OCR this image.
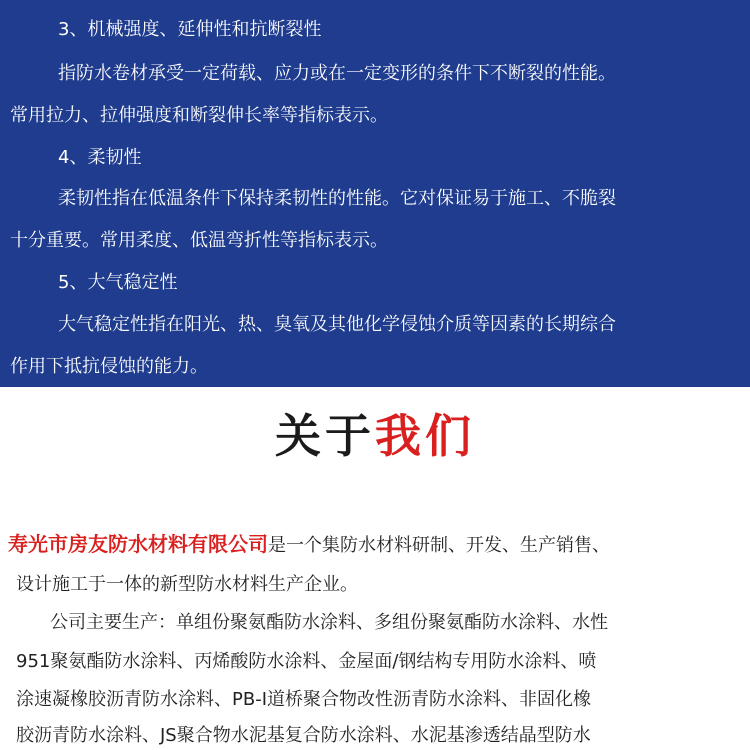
3、机械强度、延伸性和抗断裂性
指防水卷材承受一定荷载、应力或在一定变形的条件下不断裂的性能。
常用拉力、拉伸强度和断裂伸长率等指标表示。
4、柔韧性
柔韧性指在低温条件下保持柔韧性的性能。它对保证易于施工、不脆裂
十分重要。常用柔度、低温弯折性等指标表示。
5、大气稳定性
大气稳定性指在阳光、热、臭氧及其他化学侵蚀介质等因素的长期综合
作用下抵抗侵蚀的能力。
关于我们
寿光市房友防水材料有限公司是一个集防水材料研制、开发、生产销售、
设计施工于一体的新型防水材料生产企业。
公司主要生产：单组份聚氨酯防水涂料、多组份聚氨酯防水涂料、水性
951聚氨酯防水涂料、丙烯酸防水涂料、金屋面/钢结构专用防水涂料、喷
涂速凝橡胶沥青防水涂料、PB-I道桥聚合物改性沥青防水涂料、非固化橡
胶沥青防水涂料、JS聚合物水泥基复合防水涂料、水泥基渗透结晶型防水
